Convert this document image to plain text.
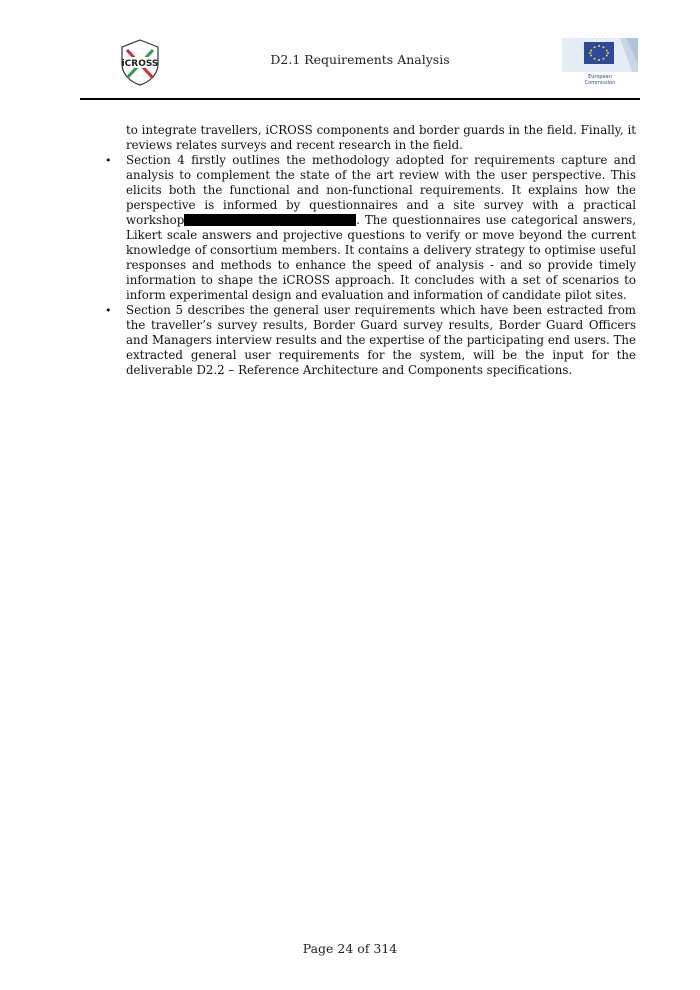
iCROSS	D2.1 Requirements Analysis
European
Commission

to integrate travellers, iCROSS components and border guards in the field. Finally, it reviews relates surveys and recent research in the field.

• Section 4 firstly outlines the methodology adopted for requirements capture and analysis to complement the state of the art review with the user perspective. This elicits both the functional and non-functional requirements. It explains how the perspective is informed by questionnaires and a site survey with a practical workshop	. The questionnaires use categorical answers, Likert scale answers and projective questions to verify or move beyond the current knowledge of consortium members. It contains a delivery strategy to optimise useful responses and methods to enhance the speed of analysis - and so provide timely information to shape the iCROSS approach. It concludes with a set of scenarios to inform experimental design and evaluation and information of candidate pilot sites.

• Section 5 describes the general user requirements which have been estracted from the traveller’s survey results, Border Guard survey results, Border Guard Officers and Managers interview results and the expertise of the participating end users. The extracted general user requirements for the system, will be the input for the deliverable D2.2 – Reference Architecture and Components specifications.

Page 24 of 314
